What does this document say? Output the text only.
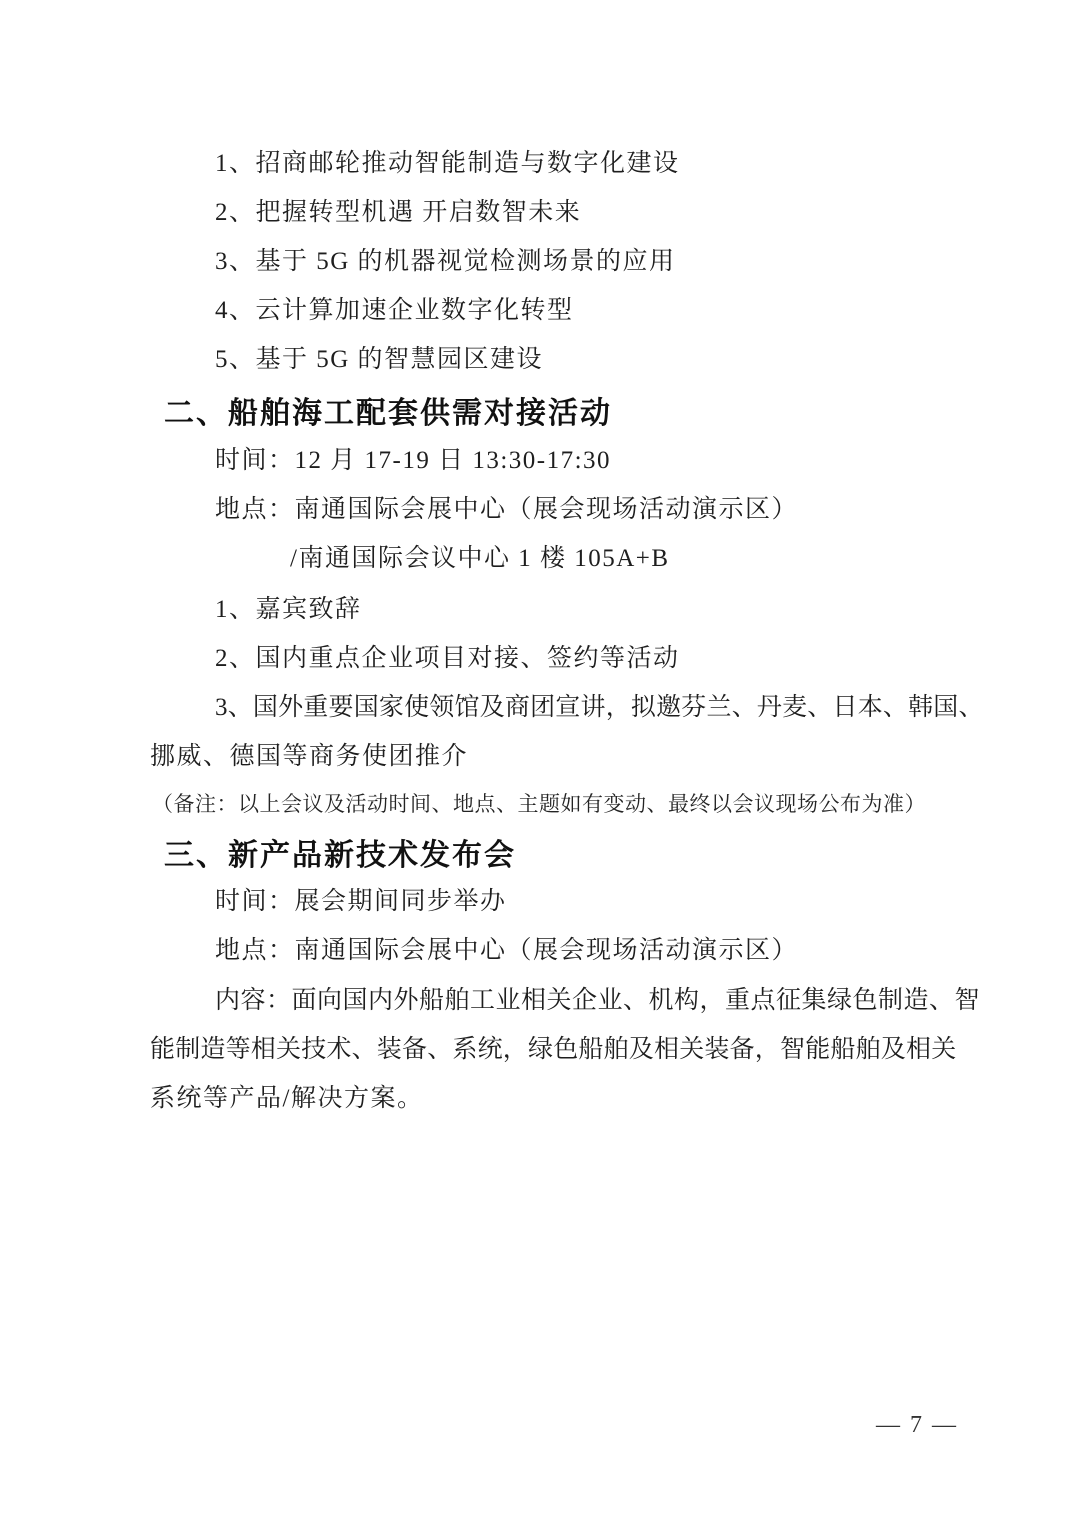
1、招商邮轮推动智能制造与数字化建设
2、把握转型机遇 开启数智未来
3、基于 5G 的机器视觉检测场景的应用
4、云计算加速企业数字化转型
5、基于 5G 的智慧园区建设
二、船舶海工配套供需对接活动
时间：12 月 17-19 日 13:30-17:30
地点：南通国际会展中心（展会现场活动演示区）
/南通国际会议中心 1 楼 105A+B
1、嘉宾致辞
2、国内重点企业项目对接、签约等活动
3、国外重要国家使领馆及商团宣讲，拟邀芬兰、丹麦、日本、韩国、
挪威、德国等商务使团推介
（备注：以上会议及活动时间、地点、主题如有变动、最终以会议现场公布为准）
三、新产品新技术发布会
时间：展会期间同步举办
地点：南通国际会展中心（展会现场活动演示区）
内容：面向国内外船舶工业相关企业、机构，重点征集绿色制造、智
能制造等相关技术、装备、系统，绿色船舶及相关装备，智能船舶及相关
系统等产品/解决方案。
— 7 —
